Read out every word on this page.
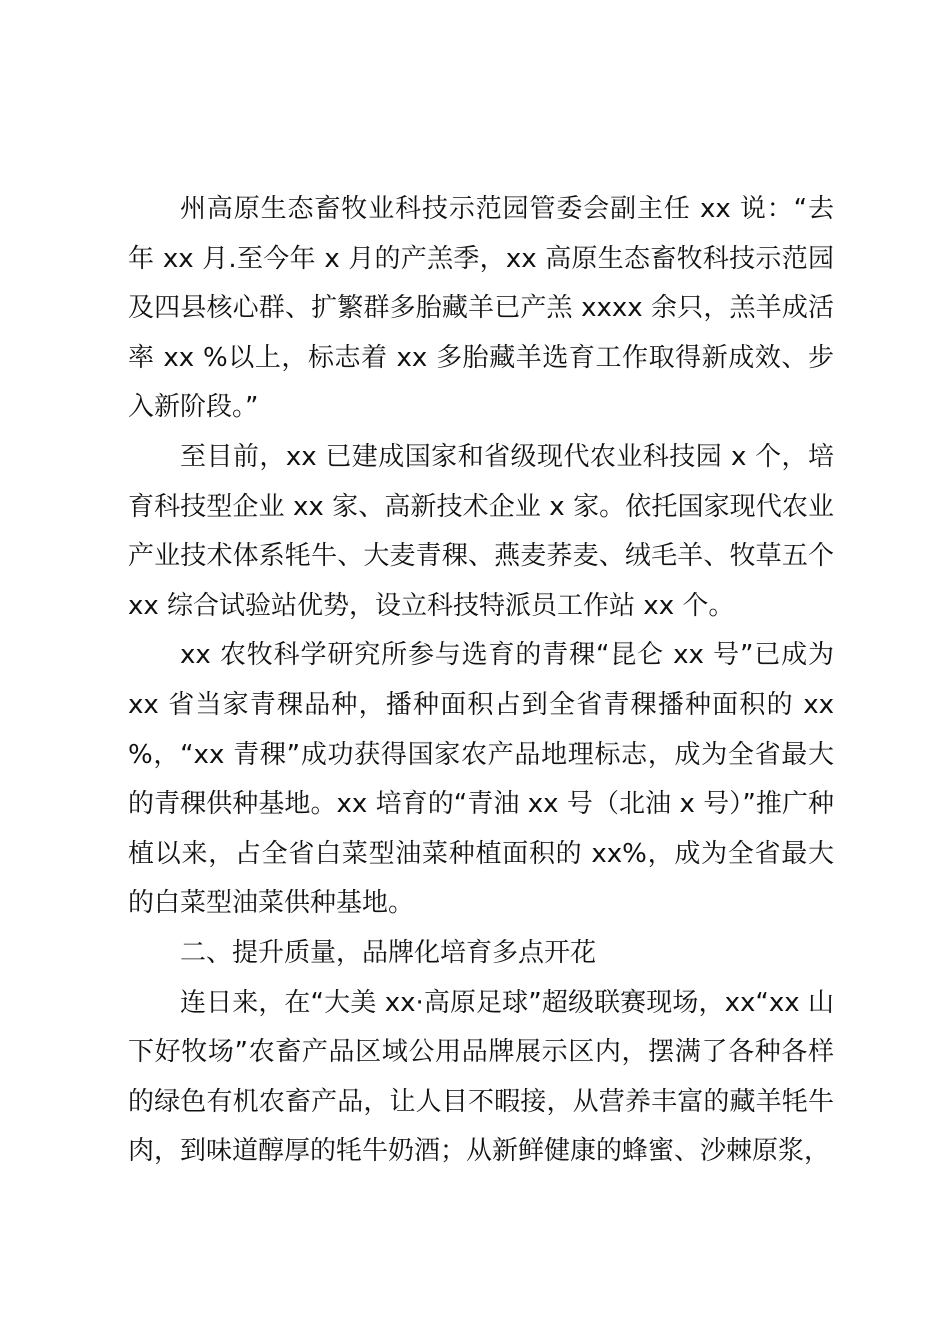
州高原生态畜牧业科技示范园管委会副主任 xx 说：“去年 xx 月.至今年 x 月的产羔季，xx 高原生态畜牧科技示范园及四县核心群、扩繁群多胎藏羊已产羔 xxxx 余只，羔羊成活率 xx %以上，标志着 xx 多胎藏羊选育工作取得新成效、步入新阶段。”

至目前，xx 已建成国家和省级现代农业科技园 x 个，培育科技型企业 xx 家、高新技术企业 x 家。依托国家现代农业产业技术体系牦牛、大麦青稞、燕麦荞麦、绒毛羊、牧草五个 xx 综合试验站优势，设立科技特派员工作站 xx 个。

xx 农牧科学研究所参与选育的青稞“昆仑 xx 号”已成为 xx 省当家青稞品种，播种面积占到全省青稞播种面积的 xx %，“xx 青稞”成功获得国家农产品地理标志，成为全省最大的青稞供种基地。xx 培育的“青油 xx 号（北油 x 号）”推广种植以来，占全省白菜型油菜种植面积的 xx%，成为全省最大的白菜型油菜供种基地。

二、提升质量，品牌化培育多点开花

连日来，在“大美 xx·高原足球”超级联赛现场，xx“xx 山下好牧场”农畜产品区域公用品牌展示区内，摆满了各种各样的绿色有机农畜产品，让人目不暇接，从营养丰富的藏羊牦牛肉，到味道醇厚的牦牛奶酒；从新鲜健康的蜂蜜、沙棘原浆，
